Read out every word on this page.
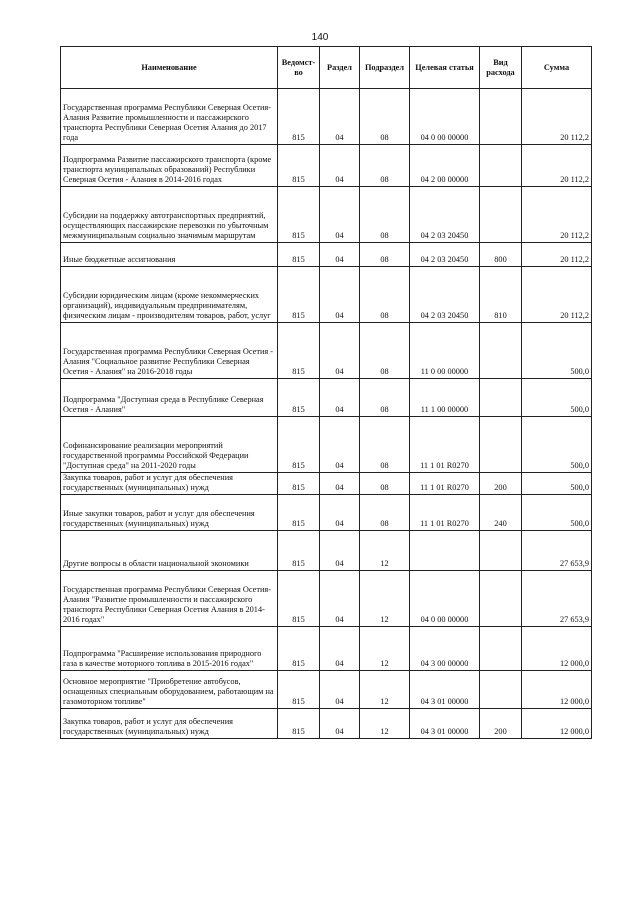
140
Наименование	Ведомст-во	Раздел	Подраздел	Целевая статья	Вид расхода	Сумма
Государственная программа Республики Северная Осетия-Алания Развитие промышленности и пассажирского транспорта Республики Северная Осетия Алания до 2017 года	815	04	08	04 0 00 00000		20 112,2
Подпрограмма Развитие пассажирского транспорта (кроме транспорта муниципальных образований) Республики Северная Осетия - Алания в 2014-2016 годах	815	04	08	04 2 00 00000		20 112,2
Субсидии на поддержку автотранспортных предприятий, осуществляющих пассажирские перевозки по убыточным межмуниципальным социально значимым маршрутам	815	04	08	04 2 03 20450		20 112,2
Иные бюджетные ассигнования	815	04	08	04 2 03 20450	800	20 112,2
Субсидии юридическим лицам (кроме некоммерческих организаций), индивидуальным предпринимателям, физическим лицам - производителям товаров, работ, услуг	815	04	08	04 2 03 20450	810	20 112,2
Государственная программа Республики Северная Осетия - Алания "Социальное развитие Республики Северная Осетия - Алания" на 2016-2018 годы	815	04	08	11 0 00 00000		500,0
Подпрограмма "Доступная среда в Республике Северная Осетия - Алания"	815	04	08	11 1 00 00000		500,0
Софинансирование реализации мероприятий государственной программы Российской Федерации "Доступная среда" на 2011-2020 годы	815	04	08	11 1 01 R0270		500,0
Закупка товаров, работ и услуг для обеспечения государственных (муниципальных) нужд	815	04	08	11 1 01 R0270	200	500,0
Иные закупки товаров, работ и услуг для обеспечения государственных (муниципальных) нужд	815	04	08	11 1 01 R0270	240	500,0
Другие вопросы в области национальной экономики	815	04	12			27 653,9
Государственная программа Республики Северная Осетия-Алания "Развитие промышленности и пассажирского транспорта Республики Северная Осетия Алания в 2014-2016 годах"	815	04	12	04 0 00 00000		27 653,9
Подпрограмма "Расширение использования природного газа в качестве моторного топлива в 2015-2016 годах"	815	04	12	04 3 00 00000		12 000,0
Основное мероприятие "Приобретение автобусов, оснащенных специальным оборудованием, работающим на газомоторном топливе"	815	04	12	04 3 01 00000		12 000,0
Закупка товаров, работ и услуг для обеспечения государственных (муниципальных) нужд	815	04	12	04 3 01 00000	200	12 000,0
